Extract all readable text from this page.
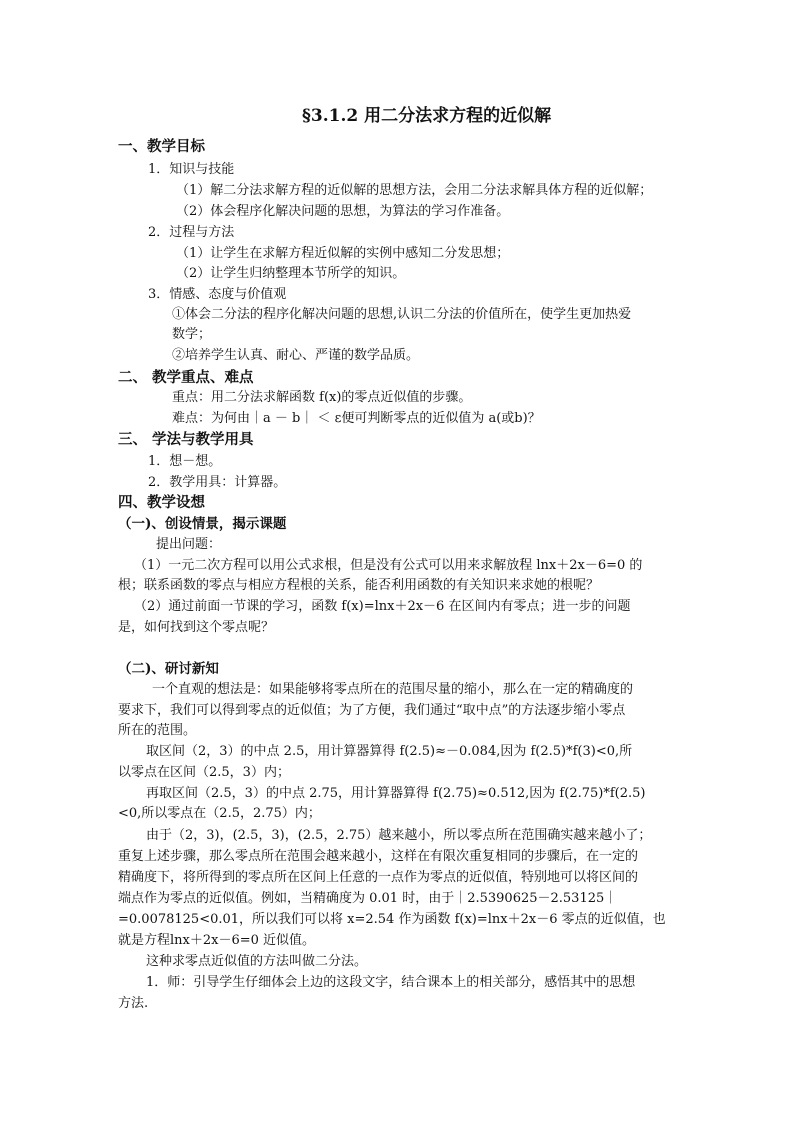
§3.1.2 用二分法求方程的近似解
一、教学目标
1．知识与技能
（1）解二分法求解方程的近似解的思想方法，会用二分法求解具体方程的近似解；
（2）体会程序化解决问题的思想，为算法的学习作准备。
2．过程与方法
（1）让学生在求解方程近似解的实例中感知二分发思想；
（2）让学生归纳整理本节所学的知识。
3．情感、态度与价值观
①体会二分法的程序化解决问题的思想,认识二分法的价值所在，使学生更加热爱
数学；
②培养学生认真、耐心、严谨的数学品质。
二、 教学重点、难点
重点：用二分法求解函数 f(x)的零点近似值的步骤。
难点：为何由｜a － b｜ ＜ ε便可判断零点的近似值为 a(或b)？
三、 学法与教学用具
1．想－想。
2．教学用具：计算器。
四、教学设想
（一)、创设情景，揭示课题
提出问题：
（1）一元二次方程可以用公式求根，但是没有公式可以用来求解放程 lnx＋2x－6=0 的
根；联系函数的零点与相应方程根的关系，能否利用函数的有关知识来求她的根呢？
（2）通过前面一节课的学习，函数 f(x)=lnx＋2x－6 在区间内有零点；进一步的问题
是，如何找到这个零点呢？
（二)、研讨新知
一个直观的想法是：如果能够将零点所在的范围尽量的缩小，那么在一定的精确度的
要求下，我们可以得到零点的近似值；为了方便，我们通过“取中点”的方法逐步缩小零点
所在的范围。
取区间（2，3）的中点 2.5，用计算器算得 f(2.5)≈－0.084,因为 f(2.5)*f(3)<0,所
以零点在区间（2.5，3）内；
再取区间（2.5，3）的中点 2.75，用计算器算得 f(2.75)≈0.512,因为 f(2.75)*f(2.5)
<0,所以零点在（2.5，2.75）内；
由于（2，3)，(2.5，3)，(2.5，2.75）越来越小，所以零点所在范围确实越来越小了；
重复上述步骤，那么零点所在范围会越来越小，这样在有限次重复相同的步骤后，在一定的
精确度下，将所得到的零点所在区间上任意的一点作为零点的近似值，特别地可以将区间的
端点作为零点的近似值。例如，当精确度为 0.01 时，由于｜2.5390625－2.53125｜
=0.0078125<0.01，所以我们可以将 x=2.54 作为函数 f(x)=lnx＋2x－6 零点的近似值，也
就是方程lnx＋2x－6=0 近似值。
这种求零点近似值的方法叫做二分法。
1．师：引导学生仔细体会上边的这段文字，结合课本上的相关部分，感悟其中的思想
方法.
